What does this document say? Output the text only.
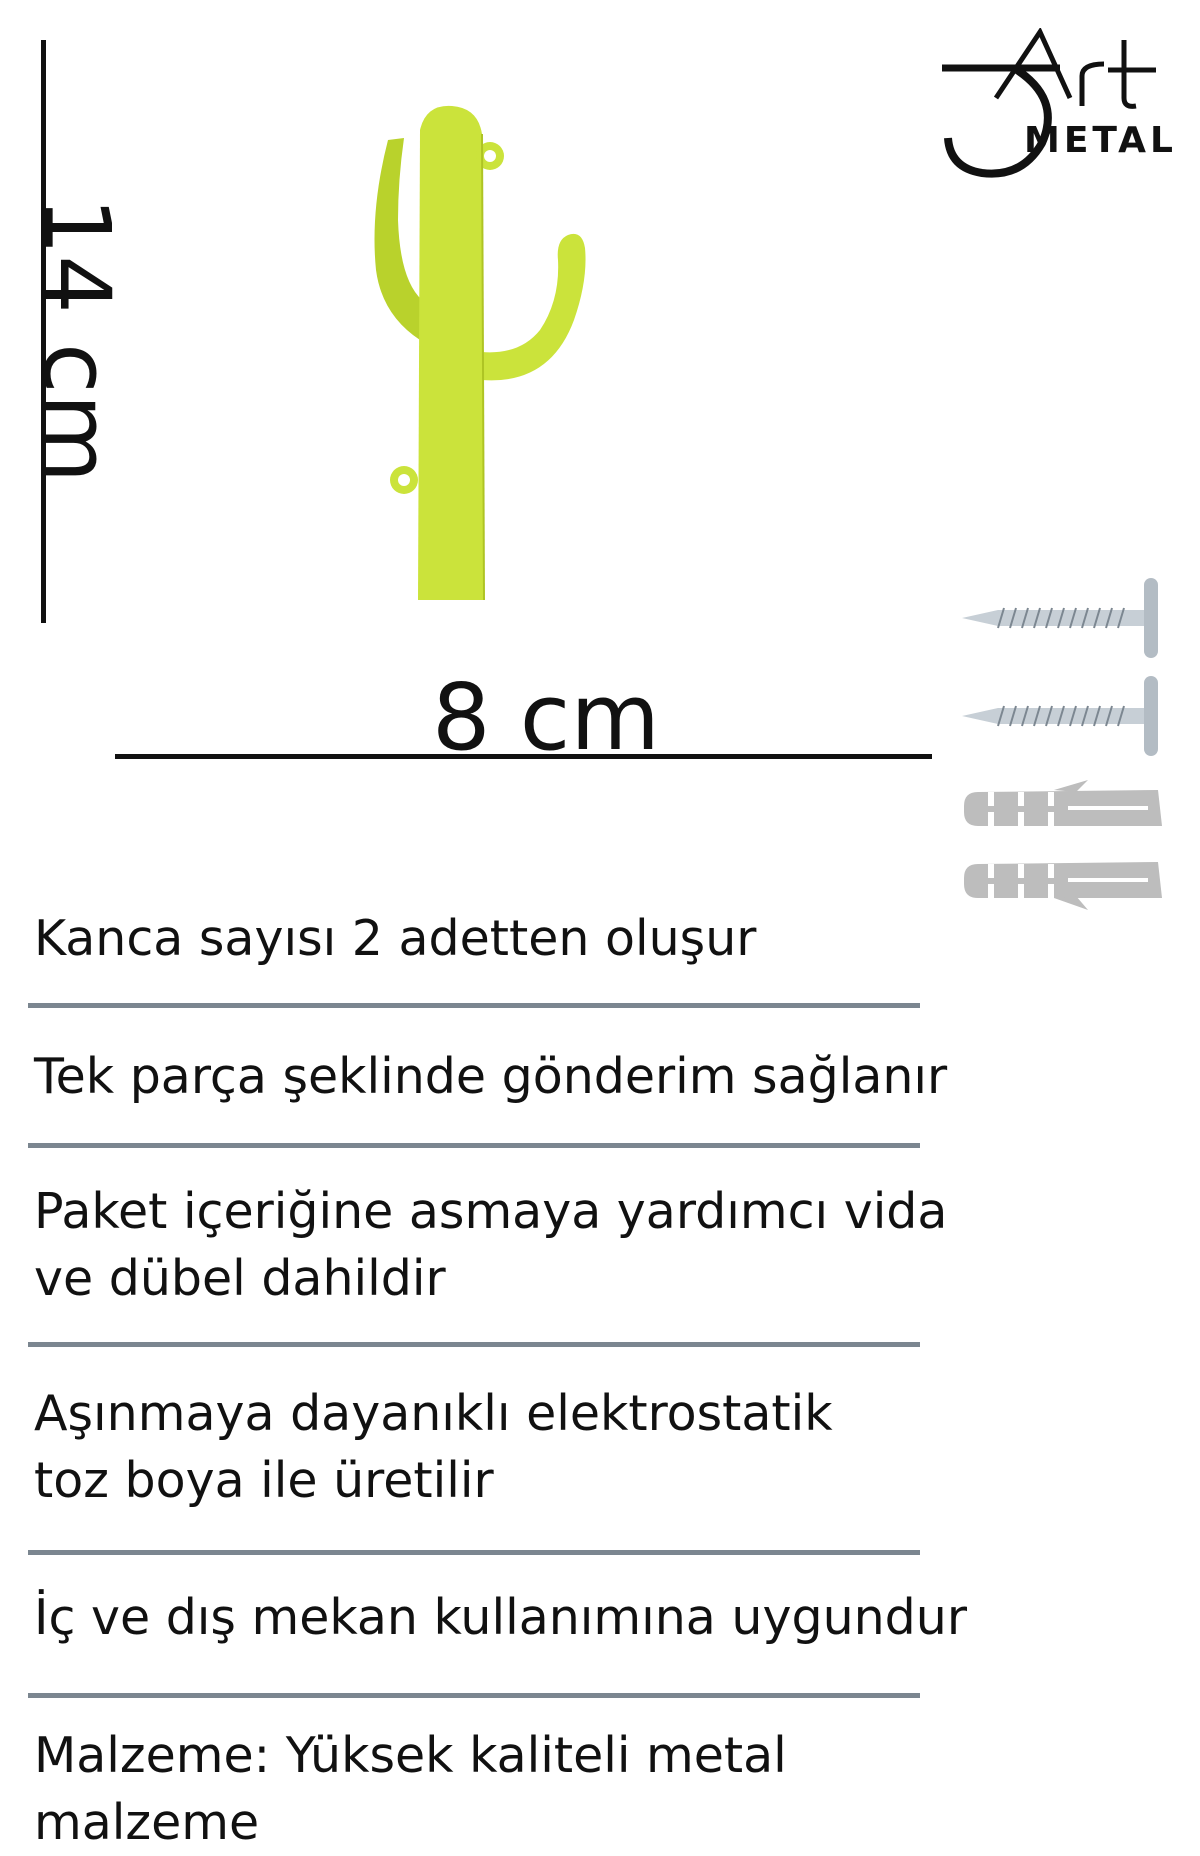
14 cm
8 cm
METAL
Kanca sayısı 2 adetten oluşur
Tek parça şeklinde gönderim sağlanır
Paket içeriğine asmaya yardımcı vida
ve dübel dahildir
Aşınmaya dayanıklı elektrostatik
toz boya ile üretilir
İç ve dış mekan kullanımına uygundur
Malzeme: Yüksek kaliteli metal malzeme
